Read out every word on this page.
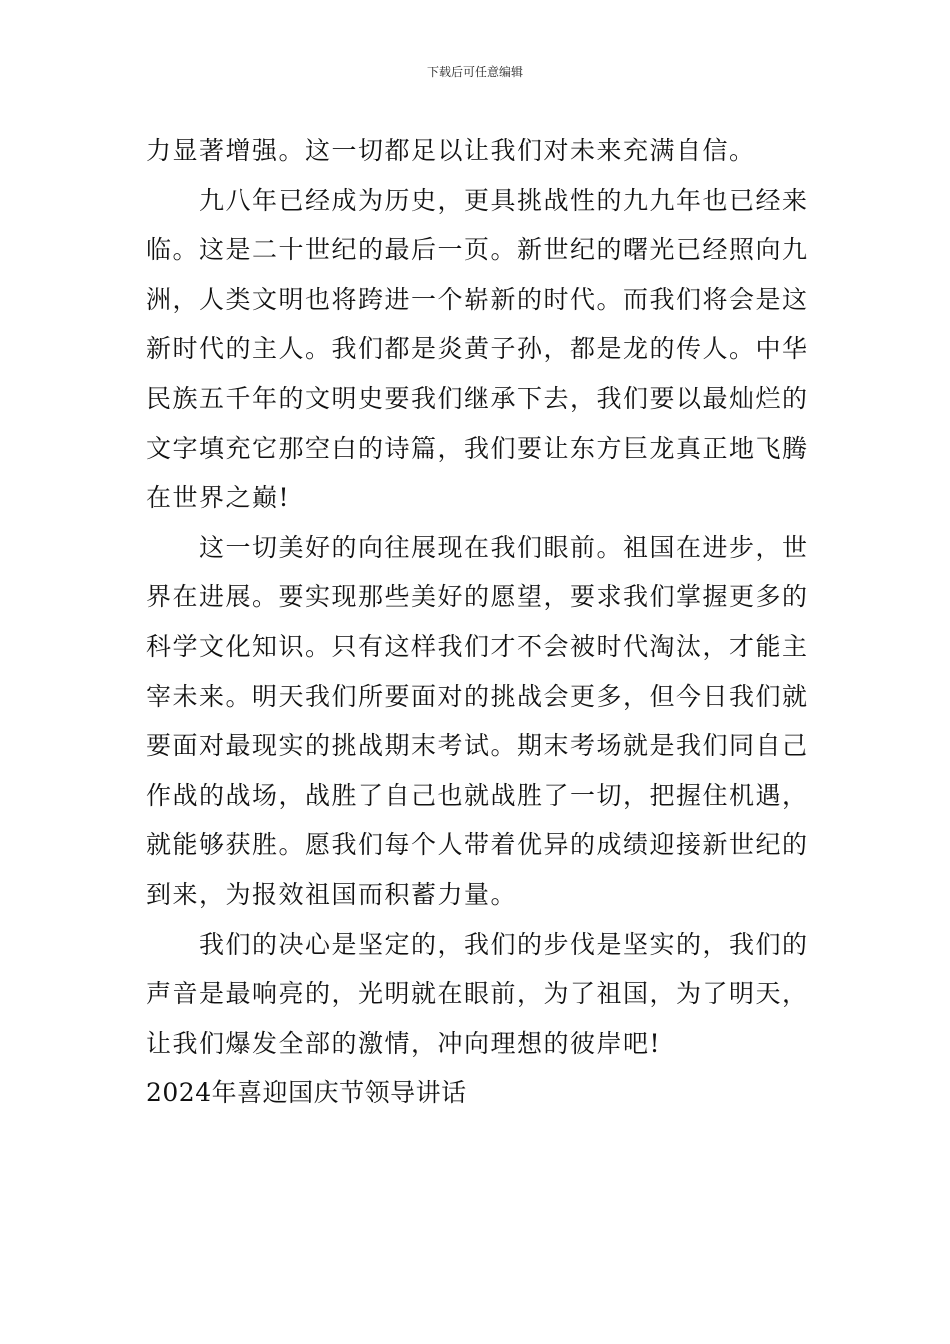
下载后可任意编辑
力显著增强。这一切都足以让我们对未来充满自信。
九八年已经成为历史，更具挑战性的九九年也已经来
临。这是二十世纪的最后一页。新世纪的曙光已经照向九
洲，人类文明也将跨进一个崭新的时代。而我们将会是这
新时代的主人。我们都是炎黄子孙，都是龙的传人。中华
民族五千年的文明史要我们继承下去，我们要以最灿烂的
文字填充它那空白的诗篇，我们要让东方巨龙真正地飞腾
在世界之巅!
这一切美好的向往展现在我们眼前。祖国在进步，世
界在进展。要实现那些美好的愿望，要求我们掌握更多的
科学文化知识。只有这样我们才不会被时代淘汰，才能主
宰未来。明天我们所要面对的挑战会更多，但今日我们就
要面对最现实的挑战期末考试。期末考场就是我们同自己
作战的战场，战胜了自己也就战胜了一切，把握住机遇，
就能够获胜。愿我们每个人带着优异的成绩迎接新世纪的
到来，为报效祖国而积蓄力量。
我们的决心是坚定的，我们的步伐是坚实的，我们的
声音是最响亮的，光明就在眼前，为了祖国，为了明天，
让我们爆发全部的激情，冲向理想的彼岸吧!
2024年喜迎国庆节领导讲话
